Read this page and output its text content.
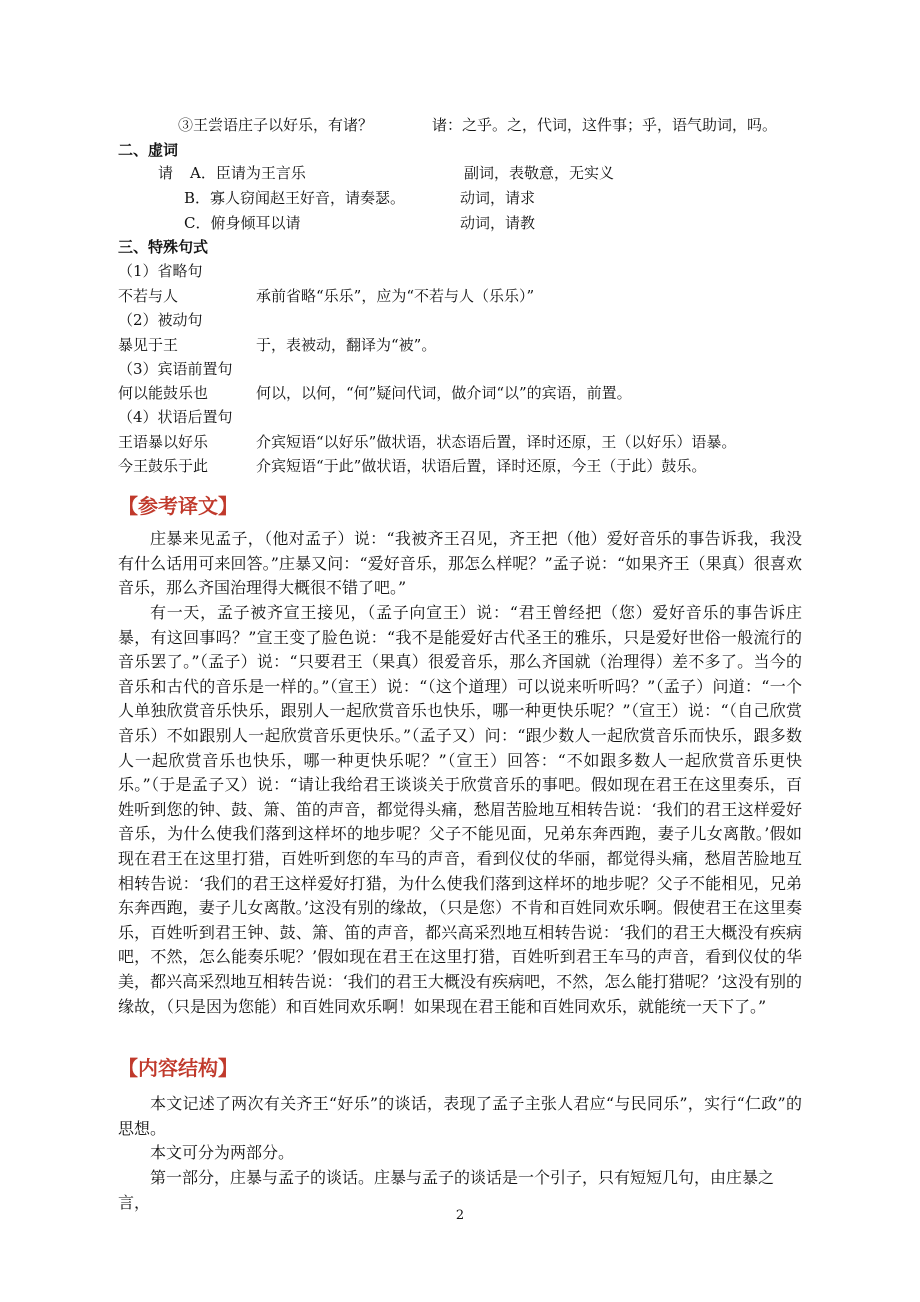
③王尝语庄子以好乐，有诸？	诸：之乎。之，代词，这件事；乎，语气助词，吗。
二、虚词
请 A．臣请为王言乐	副词，表敬意，无实义
B．寡人窃闻赵王好音，请奏瑟。	动词，请求
C．俯身倾耳以请	动词，请教
三、特殊句式
（1）省略句
不若与人	承前省略“乐乐”，应为“不若与人（乐乐）”
（2）被动句
暴见于王	于，表被动，翻译为“被”。
（3）宾语前置句
何以能鼓乐也	何以，以何，“何”疑问代词，做介词“以”的宾语，前置。
（4）状语后置句
王语暴以好乐	介宾短语“以好乐”做状语，状态语后置，译时还原，王（以好乐）语暴。
今王鼓乐于此	介宾短语“于此”做状语，状语后置，译时还原，今王（于此）鼓乐。
【参考译文】
庄暴来见孟子，（他对孟子）说：“我被齐王召见，齐王把（他）爱好音乐的事告诉我，我没有什么话用可来回答。”庄暴又问：“爱好音乐，那怎么样呢？”孟子说：“如果齐王（果真）很喜欢音乐，那么齐国治理得大概很不错了吧。”
有一天，孟子被齐宣王接见，（孟子向宣王）说：“君王曾经把（您）爱好音乐的事告诉庄暴，有这回事吗？”宣王变了脸色说：“我不是能爱好古代圣王的雅乐，只是爱好世俗一般流行的音乐罢了。”（孟子）说：“只要君王（果真）很爱音乐，那么齐国就（治理得）差不多了。当今的音乐和古代的音乐是一样的。”（宣王）说：“（这个道理）可以说来听听吗？”（孟子）问道：“一个人单独欣赏音乐快乐，跟别人一起欣赏音乐也快乐，哪一种更快乐呢？”（宣王）说：“（自己欣赏音乐）不如跟别人一起欣赏音乐更快乐。”（孟子又）问：“跟少数人一起欣赏音乐而快乐，跟多数人一起欣赏音乐也快乐，哪一种更快乐呢？”（宣王）回答：“不如跟多数人一起欣赏音乐更快乐。”（于是孟子又）说：“请让我给君王谈谈关于欣赏音乐的事吧。假如现在君王在这里奏乐，百姓听到您的钟、鼓、箫、笛的声音，都觉得头痛，愁眉苦脸地互相转告说：‘我们的君王这样爱好音乐，为什么使我们落到这样坏的地步呢？父子不能见面，兄弟东奔西跑，妻子儿女离散。’假如现在君王在这里打猎，百姓听到您的车马的声音，看到仪仗的华丽，都觉得头痛，愁眉苦脸地互相转告说：‘我们的君王这样爱好打猎，为什么使我们落到这样坏的地步呢？父子不能相见，兄弟东奔西跑，妻子儿女离散。’这没有别的缘故，（只是您）不肯和百姓同欢乐啊。假使君王在这里奏乐，百姓听到君王钟、鼓、箫、笛的声音，都兴高采烈地互相转告说：‘我们的君王大概没有疾病吧，不然，怎么能奏乐呢？’假如现在君王在这里打猎，百姓听到君王车马的声音，看到仪仗的华美，都兴高采烈地互相转告说：‘我们的君王大概没有疾病吧，不然，怎么能打猎呢？’这没有别的缘故，（只是因为您能）和百姓同欢乐啊！如果现在君王能和百姓同欢乐，就能统一天下了。”
【内容结构】
本文记述了两次有关齐王“好乐”的谈话，表现了孟子主张人君应“与民同乐”，实行“仁政”的思想。
本文可分为两部分。
第一部分，庄暴与孟子的谈话。庄暴与孟子的谈话是一个引子，只有短短几句，由庄暴之言，
2
